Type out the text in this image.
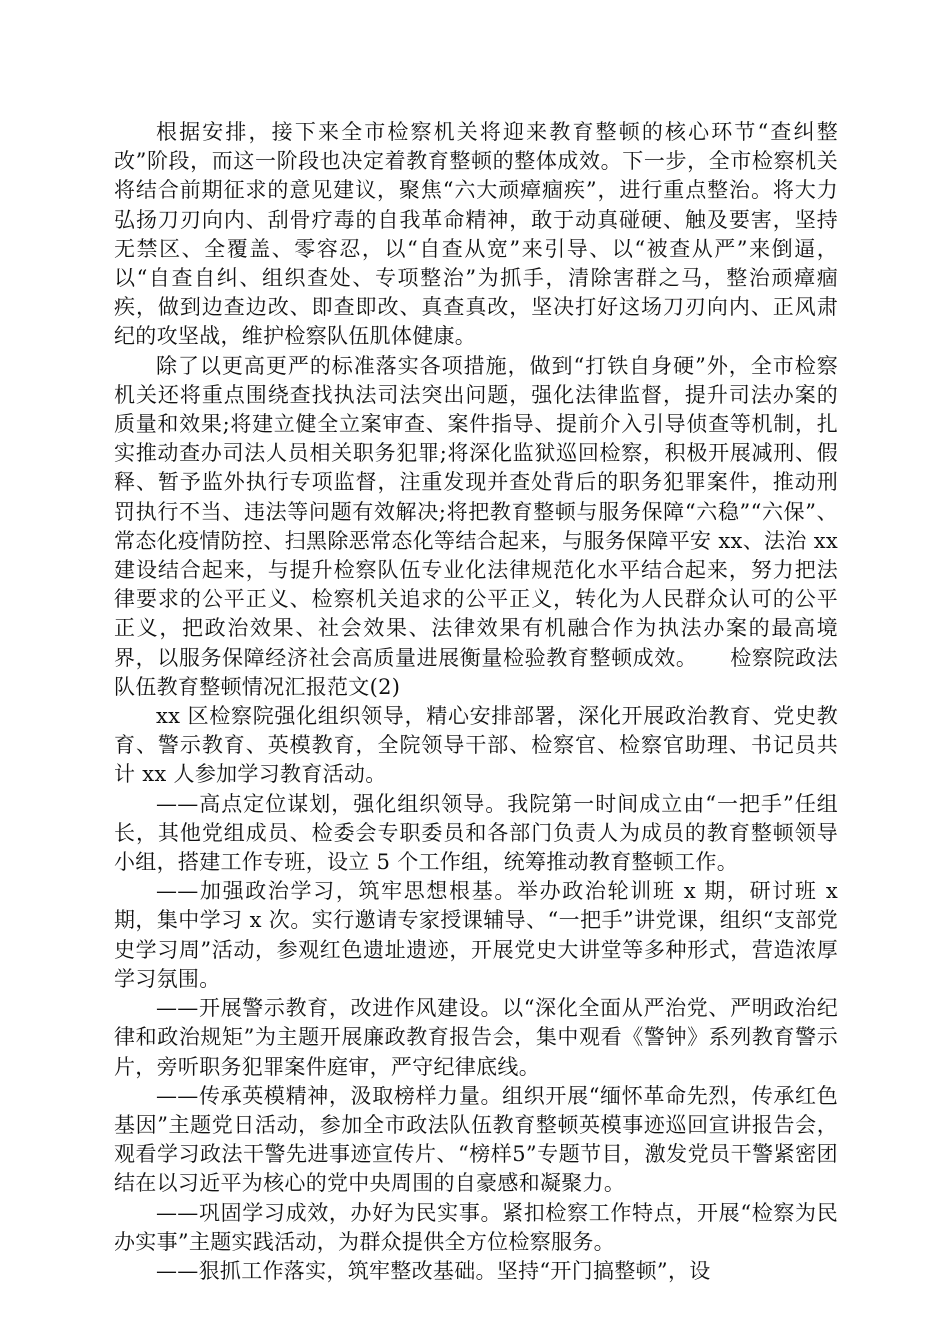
根据安排，接下来全市检察机关将迎来教育整顿的核心环节“查纠整改”阶段，而这一阶段也决定着教育整顿的整体成效。下一步，全市检察机关将结合前期征求的意见建议，聚焦“六大顽瘴痼疾”，进行重点整治。将大力弘扬刀刃向内、刮骨疗毒的自我革命精神，敢于动真碰硬、触及要害，坚持无禁区、全覆盖、零容忍，以“自查从宽”来引导、以“被查从严”来倒逼，以“自查自纠、组织查处、专项整治”为抓手，清除害群之马，整治顽瘴痼疾，做到边查边改、即查即改、真查真改，坚决打好这场刀刃向内、正风肃纪的攻坚战，维护检察队伍肌体健康。

除了以更高更严的标准落实各项措施，做到“打铁自身硬”外，全市检察机关还将重点围绕查找执法司法突出问题，强化法律监督，提升司法办案的质量和效果;将建立健全立案审查、案件指导、提前介入引导侦查等机制，扎实推动查办司法人员相关职务犯罪;将深化监狱巡回检察，积极开展减刑、假释、暂予监外执行专项监督，注重发现并查处背后的职务犯罪案件，推动刑罚执行不当、违法等问题有效解决;将把教育整顿与服务保障“六稳”“六保”、常态化疫情防控、扫黑除恶常态化等结合起来，与服务保障平安 xx、法治 xx 建设结合起来，与提升检察队伍专业化法律规范化水平结合起来，努力把法律要求的公平正义、检察机关追求的公平正义，转化为人民群众认可的公平正义，把政治效果、社会效果、法律效果有机融合作为执法办案的最高境界，以服务保障经济社会高质量进展衡量检验教育整顿成效。　　检察院政法队伍教育整顿情况汇报范文(2)

xx 区检察院强化组织领导，精心安排部署，深化开展政治教育、党史教育、警示教育、英模教育，全院领导干部、检察官、检察官助理、书记员共计 xx 人参加学习教育活动。

——高点定位谋划，强化组织领导。我院第一时间成立由“一把手”任组长，其他党组成员、检委会专职委员和各部门负责人为成员的教育整顿领导小组，搭建工作专班，设立 5 个工作组，统筹推动教育整顿工作。

——加强政治学习，筑牢思想根基。举办政治轮训班 x 期，研讨班 x 期，集中学习 x 次。实行邀请专家授课辅导、“一把手”讲党课，组织“支部党史学习周”活动，参观红色遗址遗迹，开展党史大讲堂等多种形式，营造浓厚学习氛围。

——开展警示教育，改进作风建设。以“深化全面从严治党、严明政治纪律和政治规矩”为主题开展廉政教育报告会，集中观看《警钟》系列教育警示片，旁听职务犯罪案件庭审，严守纪律底线。

——传承英模精神，汲取榜样力量。组织开展“缅怀革命先烈，传承红色基因”主题党日活动，参加全市政法队伍教育整顿英模事迹巡回宣讲报告会，观看学习政法干警先进事迹宣传片、“榜样5”专题节目，激发党员干警紧密团结在以习近平为核心的党中央周围的自豪感和凝聚力。

——巩固学习成效，办好为民实事。紧扣检察工作特点，开展“检察为民办实事”主题实践活动，为群众提供全方位检察服务。

——狠抓工作落实，筑牢整改基础。坚持“开门搞整顿”，设
